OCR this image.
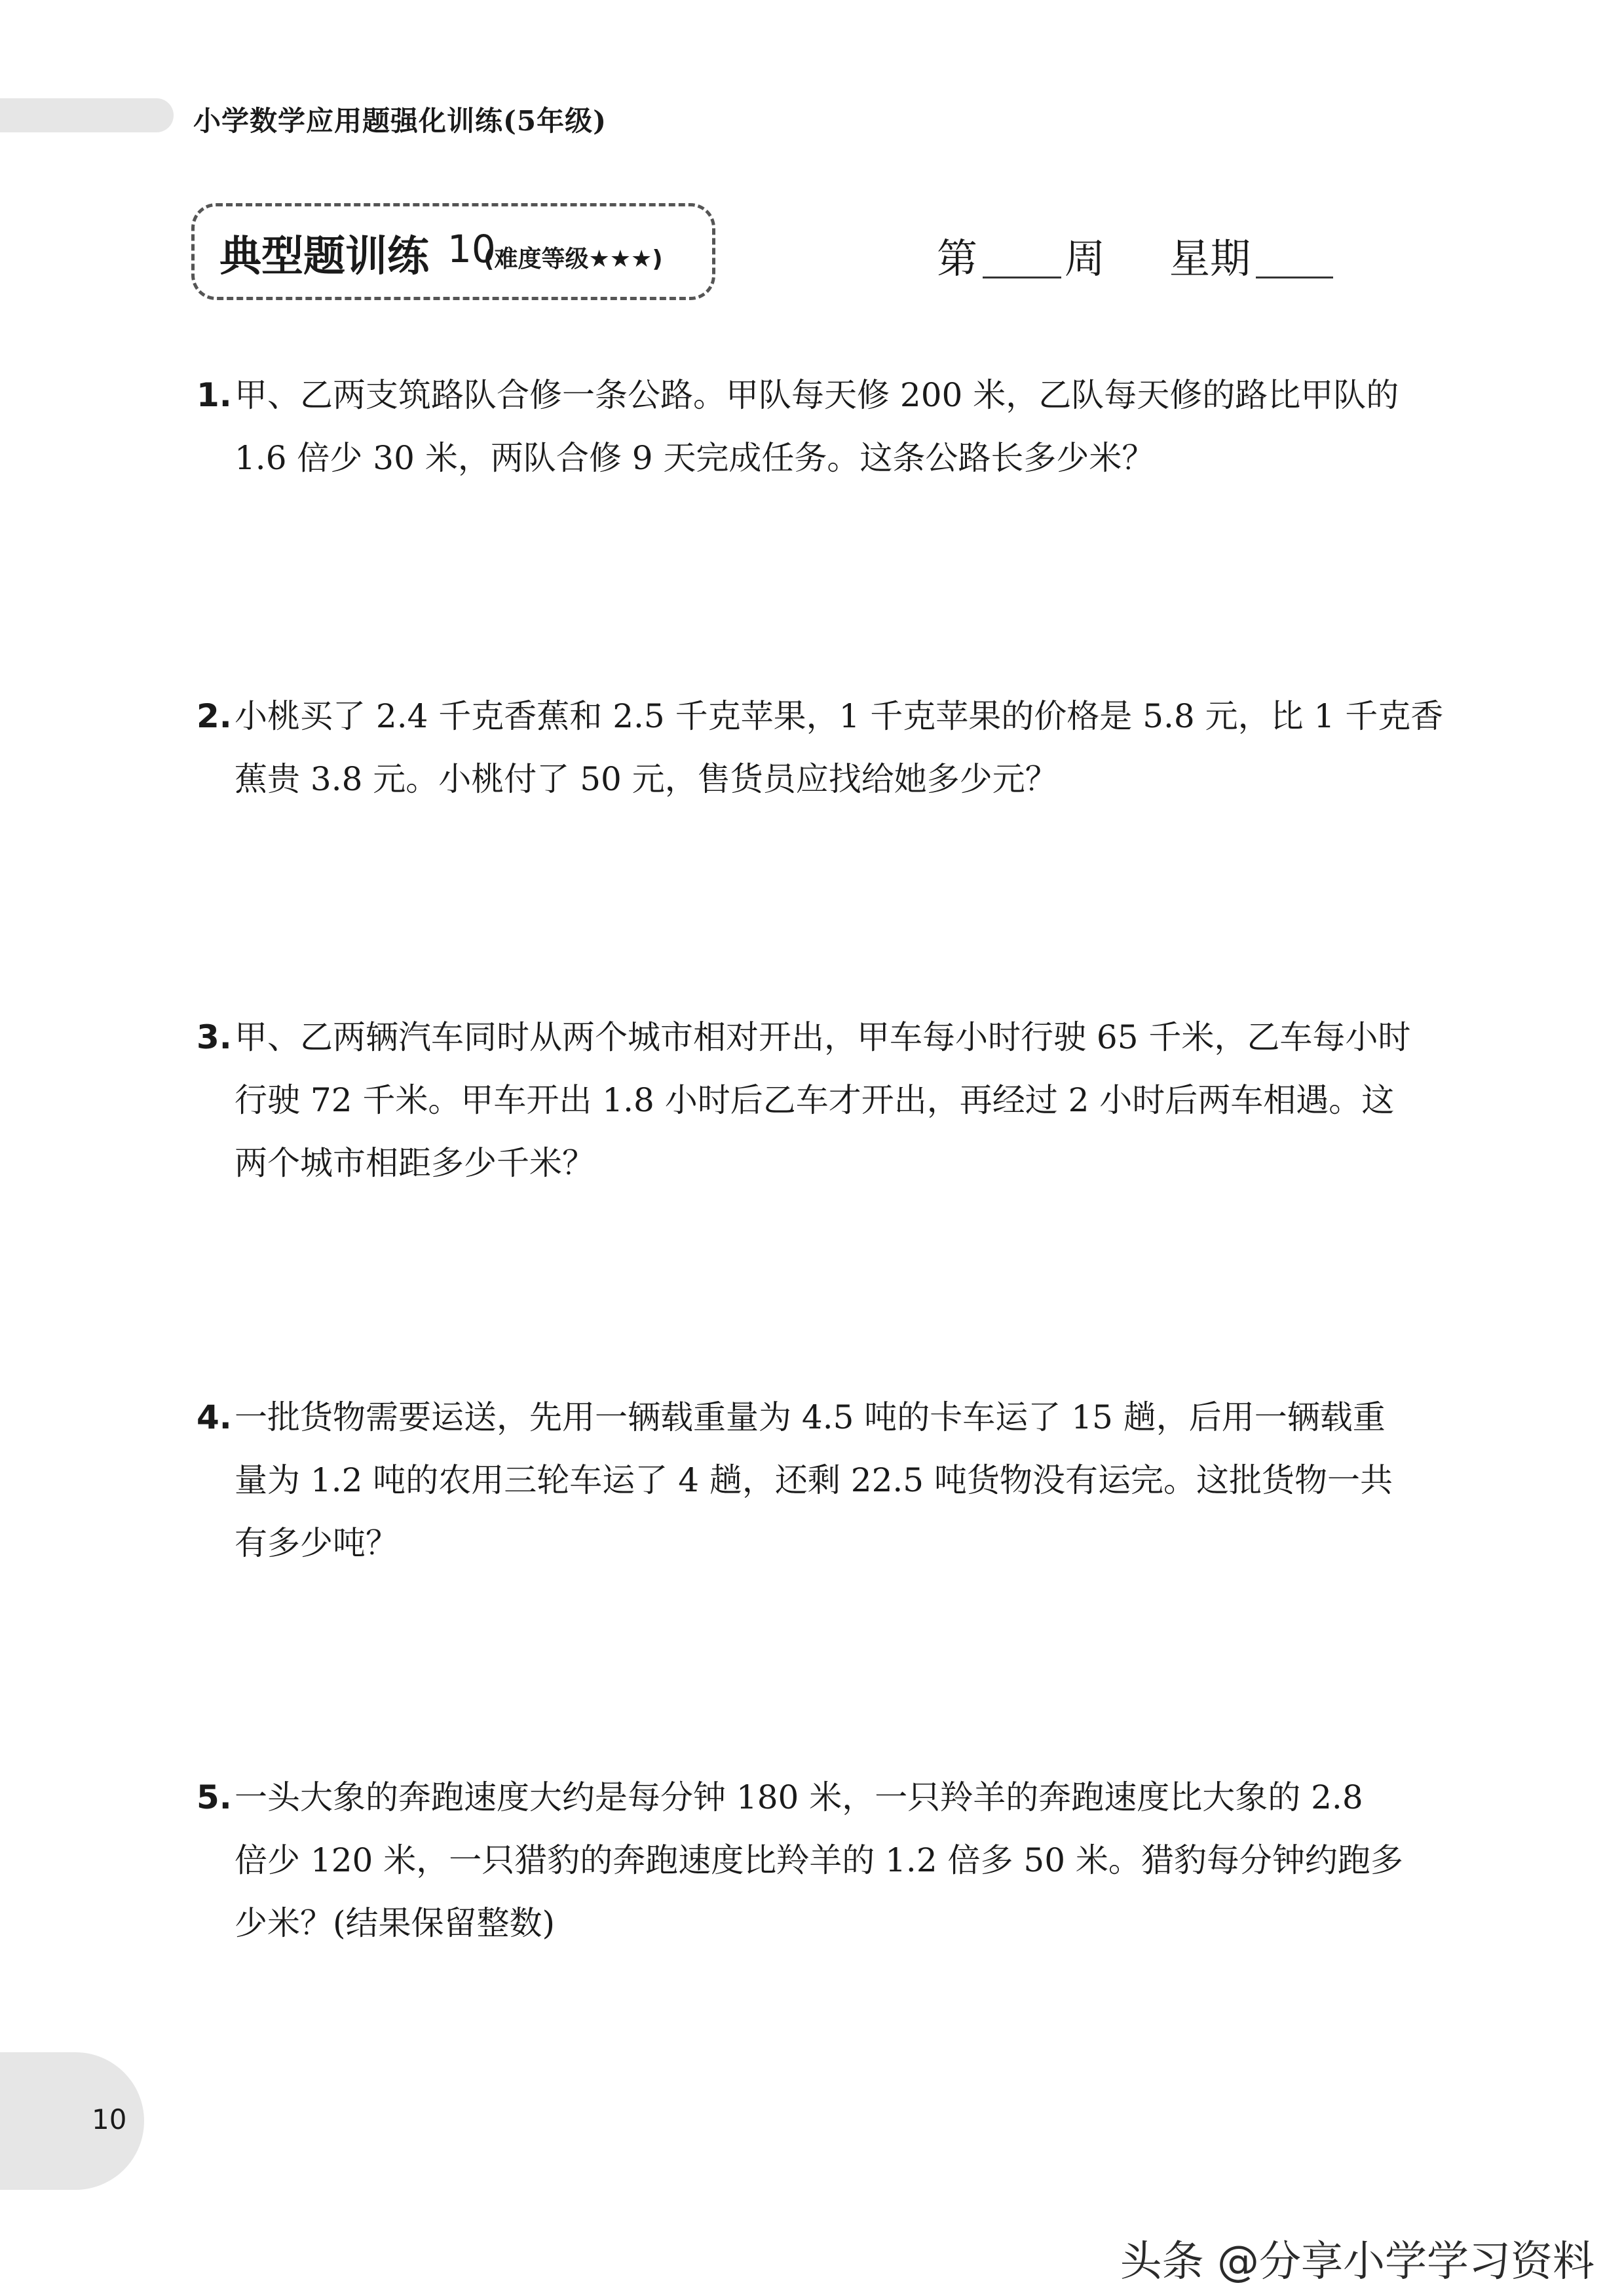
小学数学应用题强化训练(5年级)
典型题训练 10
(难度等级★★★)	第 周 星期
1.甲、乙两支筑路队合修一条公路。甲队每天修 200 米，乙队每天修的路比甲队的
1.6 倍少 30 米，两队合修 9 天完成任务。这条公路长多少米？
2.小桃买了 2.4 千克香蕉和 2.5 千克苹果，1 千克苹果的价格是 5.8 元，比 1 千克香
蕉贵 3.8 元。小桃付了 50 元，售货员应找给她多少元？
3.甲、乙两辆汽车同时从两个城市相对开出，甲车每小时行驶 65 千米，乙车每小时
行驶 72 千米。甲车开出 1.8 小时后乙车才开出，再经过 2 小时后两车相遇。这
两个城市相距多少千米？
4.一批货物需要运送，先用一辆载重量为 4.5 吨的卡车运了 15 趟，后用一辆载重
量为 1.2 吨的农用三轮车运了 4 趟，还剩 22.5 吨货物没有运完。这批货物一共
有多少吨？
5.一头大象的奔跑速度大约是每分钟 180 米，一只羚羊的奔跑速度比大象的 2.8
倍少 120 米，一只猎豹的奔跑速度比羚羊的 1.2 倍多 50 米。猎豹每分钟约跑多
少米？(结果保留整数)
10
头条 @分享小学学习资料
